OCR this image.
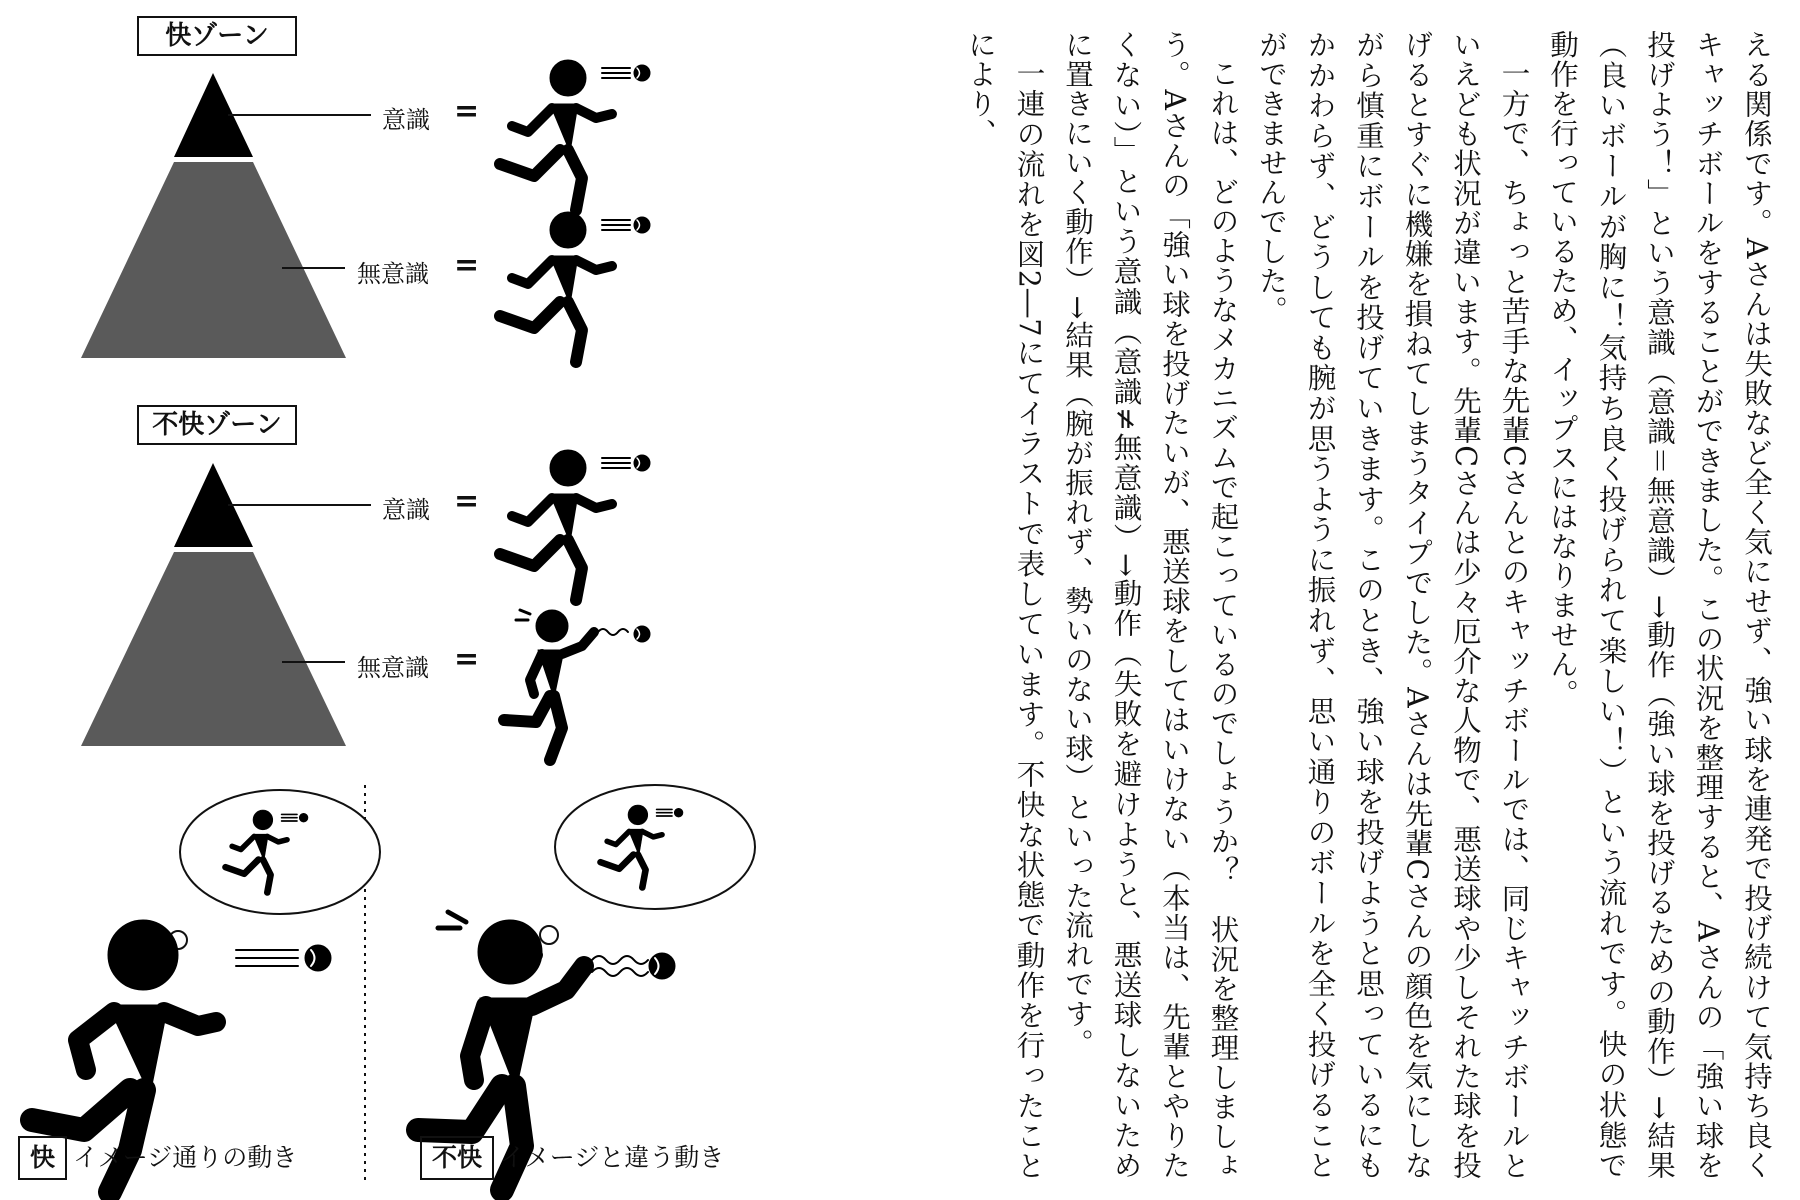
快ゾーン
意識 =
無意識 =
不快ゾーン
意識 =
無意識 =
快 イメージ通りの動き	不快 イメージと違う動き	える関係です。Aさんは失敗など全く気にせず、強い球を連発で投げ続けて気持ち良くキャッチボールをすることができました。この状況を整理すると、Aさんの「強い球を投げよう！」という意識（意識＝無意識）→動作（強い球を投げるための動作）→結果（良いボールが胸に！気持ち良く投げられて楽しい！）という流れです。快の状態で動作を行っているため、イップスにはなりません。

一方で、ちょっと苦手な先輩Cさんとのキャッチボールでは、同じキャッチボールといえども状況が違います。先輩Cさんは少々厄介な人物で、悪送球や少しそれた球を投げるとすぐに機嫌を損ねてしまうタイプでした。Aさんは先輩Cさんの顔色を気にしながら慎重にボールを投げていきます。このとき、強い球を投げようと思っているにもかかわらず、どうしても腕が思うように振れず、思い通りのボールを全く投げることができませんでした。

これは、どのようなメカニズムで起こっているのでしょうか？　状況を整理しましょう。Aさんの「強い球を投げたいが、悪送球をしてはいけない（本当は、先輩とやりたくない）」という意識（意識≠無意識）→動作（失敗を避けようと、悪送球しないために置きにいく動作）→結果（腕が振れず、勢いのない球）といった流れです。

一連の流れを図2―7にてイラストで表しています。不快な状態で動作を行ったことにより、
